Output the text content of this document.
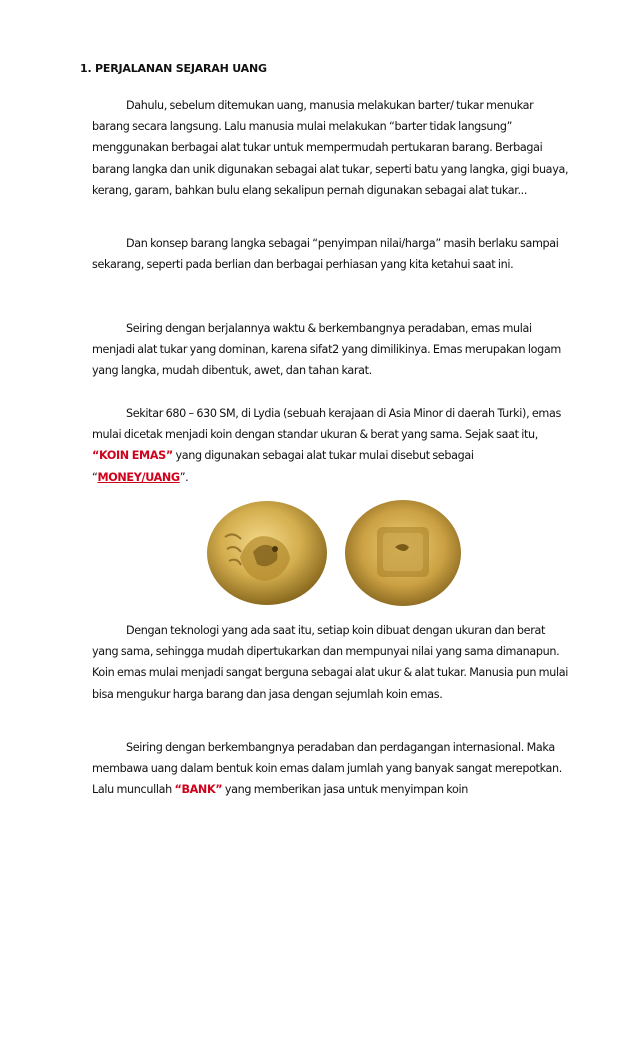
1. PERJALANAN SEJARAH UANG

Dahulu, sebelum ditemukan uang, manusia melakukan barter/ tukar menukar barang secara langsung. Lalu manusia mulai melakukan “barter tidak langsung” menggunakan berbagai alat tukar untuk mempermudah pertukaran barang. Berbagai barang langka dan unik digunakan sebagai alat tukar, seperti batu yang langka, gigi buaya, kerang, garam, bahkan bulu elang sekalipun pernah digunakan sebagai alat tukar...

Dan konsep barang langka sebagai “penyimpan nilai/harga” masih berlaku sampai sekarang, seperti pada berlian dan berbagai perhiasan yang kita ketahui saat ini.

Seiring dengan berjalannya waktu & berkembangnya peradaban, emas mulai menjadi alat tukar yang dominan, karena sifat2 yang dimilikinya. Emas merupakan logam yang langka, mudah dibentuk, awet, dan tahan karat.

Sekitar 680 – 630 SM, di Lydia (sebuah kerajaan di Asia Minor di daerah Turki), emas mulai dicetak menjadi koin dengan standar ukuran & berat yang sama. Sejak saat itu, “KOIN EMAS” yang digunakan sebagai alat tukar mulai disebut sebagai “MONEY/UANG”.

Dengan teknologi yang ada saat itu, setiap koin dibuat dengan ukuran dan berat yang sama, sehingga mudah dipertukarkan dan mempunyai nilai yang sama dimanapun. Koin emas mulai menjadi sangat berguna sebagai alat ukur & alat tukar. Manusia pun mulai bisa mengukur harga barang dan jasa dengan sejumlah koin emas.

Seiring dengan berkembangnya peradaban dan perdagangan internasional. Maka membawa uang dalam bentuk koin emas dalam jumlah yang banyak sangat merepotkan. Lalu muncullah “BANK” yang memberikan jasa untuk menyimpan koin
